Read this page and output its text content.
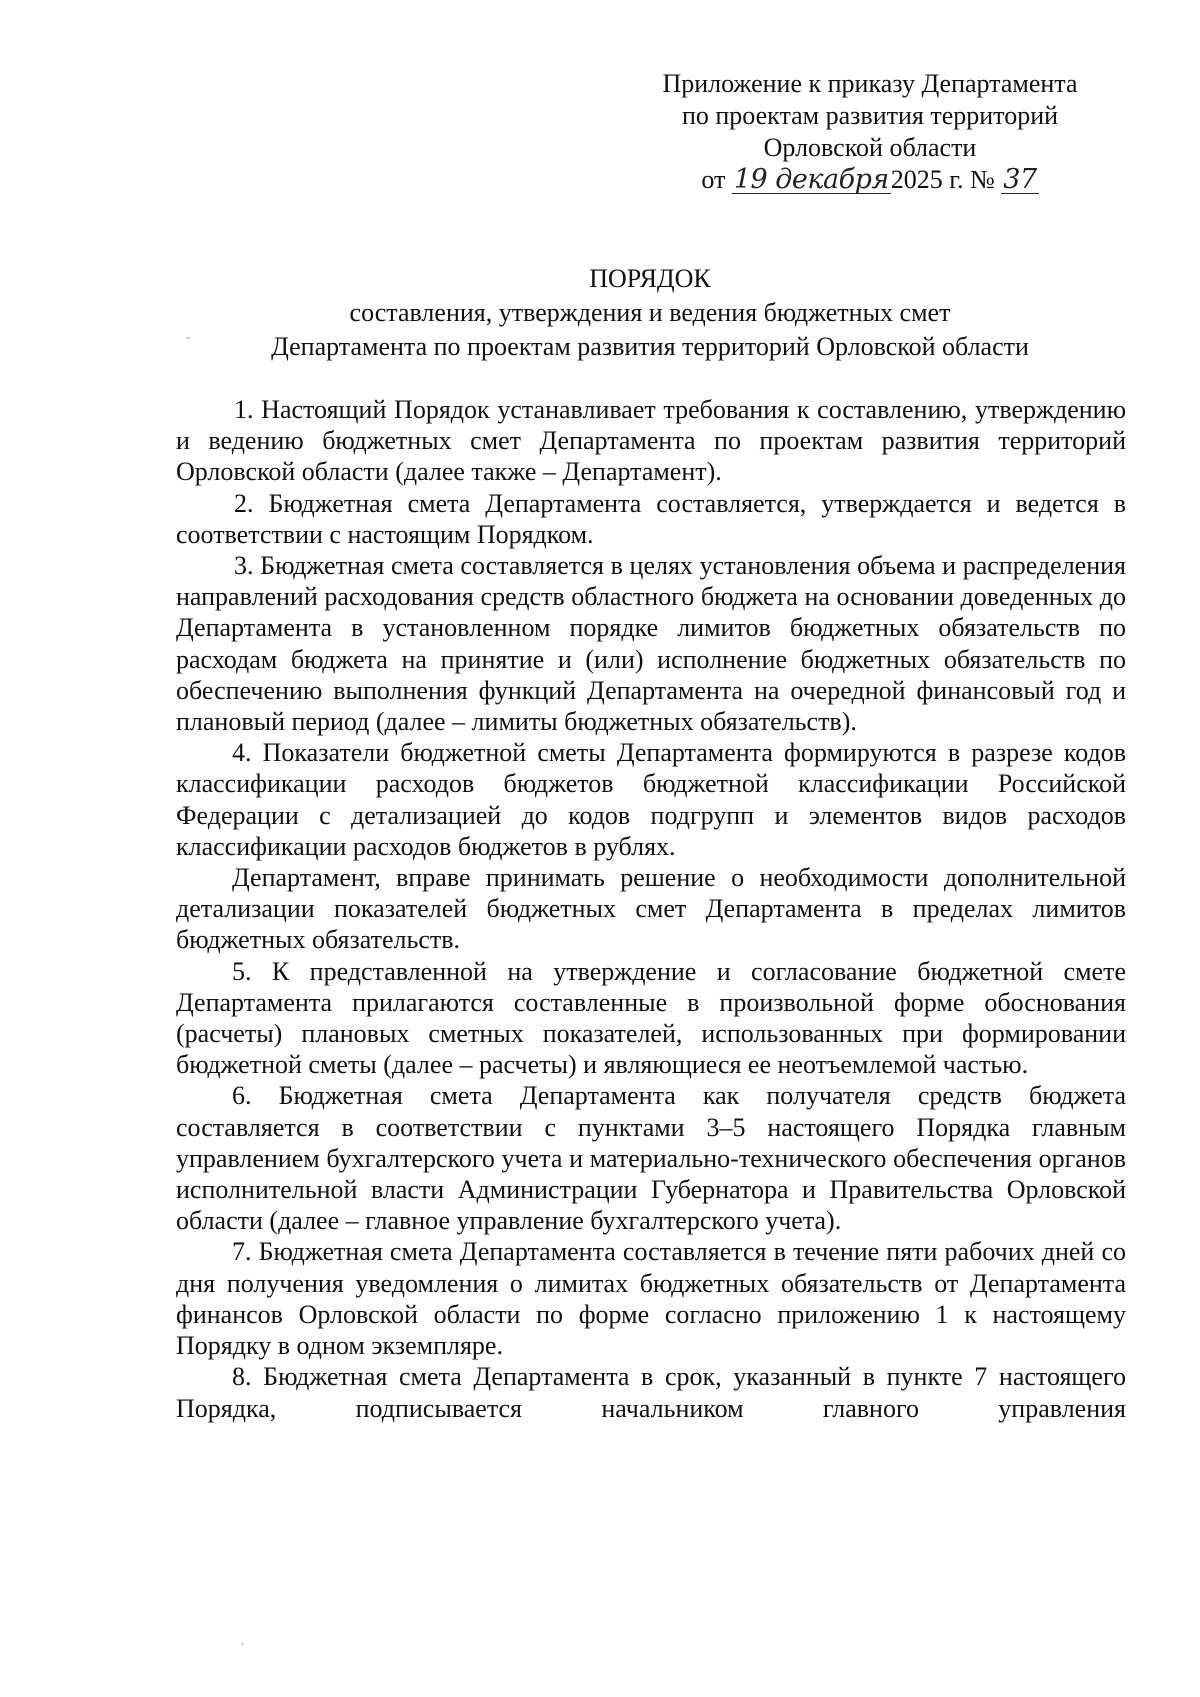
Приложение к приказу Департамента
по проектам развития территорий
Орловской области
от 19 декабря2025 г. № 37
ПОРЯДОК
составления, утверждения и ведения бюджетных смет
Департамента по проектам развития территорий Орловской области
-

1. Настоящий Порядок устанавливает требования к составлению, утверждению и ведению бюджетных смет Департамента по проектам развития территорий Орловской области (далее также – Департамент).

2. Бюджетная смета Департамента составляется, утверждается и ведется в соответствии с настоящим Порядком.

3. Бюджетная смета составляется в целях установления объема и распределения направлений расходования средств областного бюджета на основании доведенных до Департамента в установленном порядке лимитов бюджетных обязательств по расходам бюджета на принятие и (или) исполнение бюджетных обязательств по обеспечению выполнения функций Департамента на очередной финансовый год и плановый период (далее – лимиты бюджетных обязательств).

4. Показатели бюджетной сметы Департамента формируются в разрезе кодов классификации расходов бюджетов бюджетной классификации Российской Федерации с детализацией до кодов подгрупп и элементов видов расходов классификации расходов бюджетов в рублях.

Департамент, вправе принимать решение о необходимости дополнительной детализации показателей бюджетных смет Департамента в пределах лимитов бюджетных обязательств.

5. К представленной на утверждение и согласование бюджетной смете Департамента прилагаются составленные в произвольной форме обоснования (расчеты) плановых сметных показателей, использованных при формировании бюджетной сметы (далее – расчеты) и являющиеся ее неотъемлемой частью.

6. Бюджетная смета Департамента как получателя средств бюджета составляется в соответствии с пунктами 3–5 настоящего Порядка главным управлением бухгалтерского учета и материально-технического обеспечения органов исполнительной власти Администрации Губернатора и Правительства Орловской области (далее – главное управление бухгалтерского учета).

7. Бюджетная смета Департамента составляется в течение пяти рабочих дней со дня получения уведомления о лимитах бюджетных обязательств от Департамента финансов Орловской области по форме согласно приложению 1 к настоящему Порядку в одном экземпляре.

8. Бюджетная смета Департамента в срок, указанный в пункте 7 настоящего Порядка, подписывается начальником главного управления

·
